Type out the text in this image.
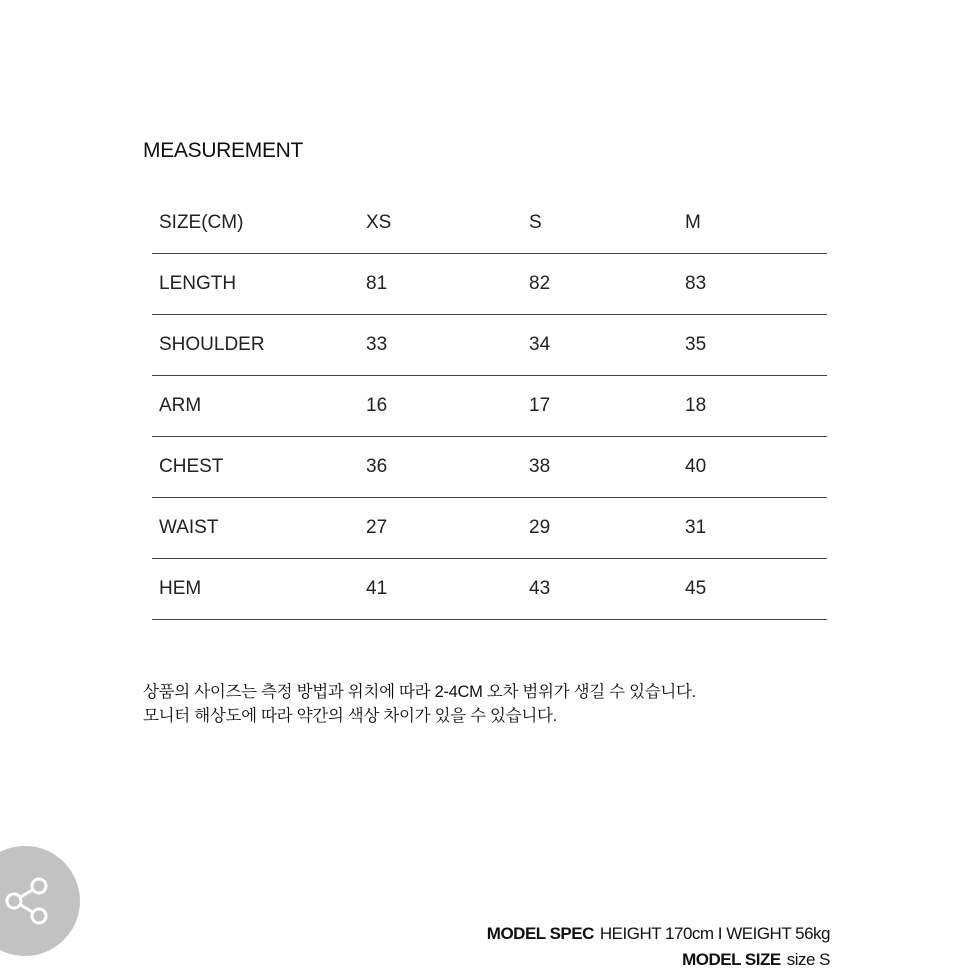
MEASUREMENT
SIZE(CM)	XS	S	M
LENGTH	81	82	83
SHOULDER	33	34	35
ARM	16	17	18
CHEST	36	38	40
WAIST	27	29	31
HEM	41	43	45
상품의 사이즈는 측정 방법과 위치에 따라 2-4CM 오차 범위가 생길 수 있습니다.
모니터 해상도에 따라 약간의 색상 차이가 있을 수 있습니다.
MODEL SPEC HEIGHT 170cm I WEIGHT 56kg
MODEL SIZE size S
